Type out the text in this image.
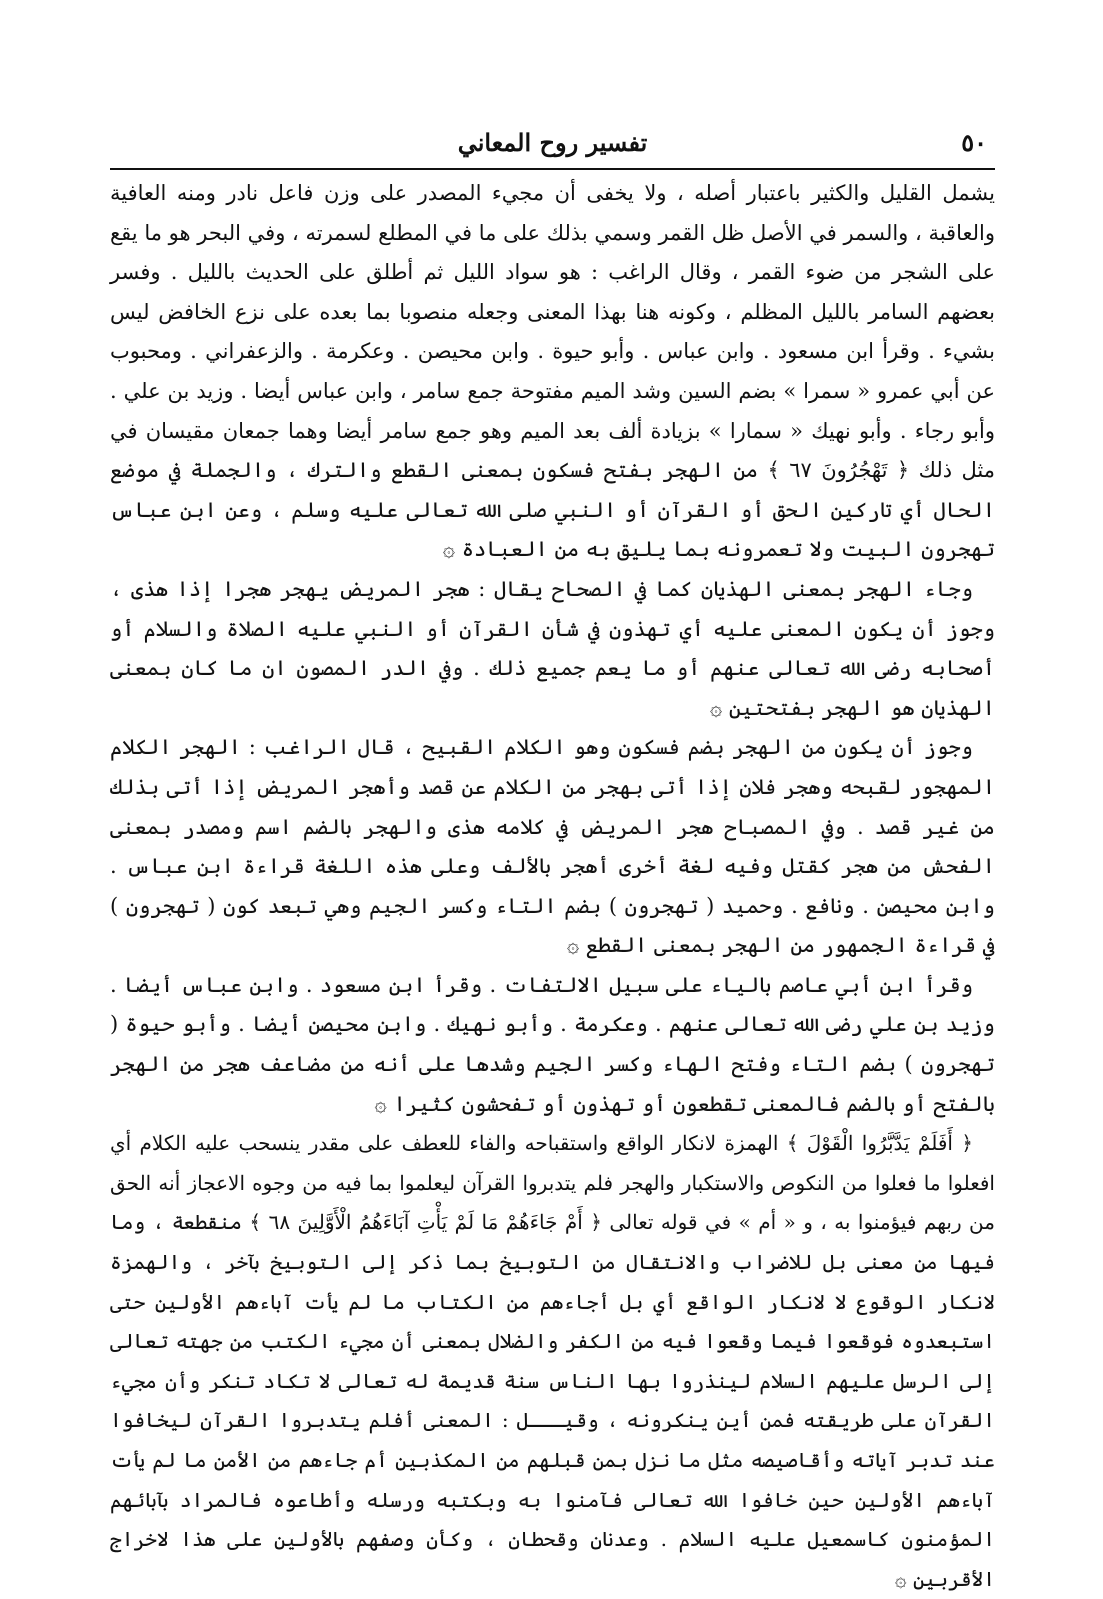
٥٠
تفسير روح المعاني

يشمل القليل والكثير باعتبار أصله ، ولا يخفى أن مجيء المصدر على وزن فاعل نادر ومنه العافية والعاقبة ، والسمر في الأصل ظل القمر وسمي بذلك على ما في المطلع لسمرته ، وفي البحر هو ما يقع على الشجر من ضوء القمر ، وقال الراغب : هو سواد الليل ثم أطلق على الحديث بالليل . وفسر بعضهم السامر بالليل المظلم ، وكونه هنا بهذا المعنى وجعله منصوبا بما بعده على نزع الخافض ليس بشيء . وقرأ ابن مسعود . وابن عباس . وأبو حيوة . وابن محيصن . وعكرمة . والزعفراني . ومحبوب عن أبي عمرو « سمرا » بضم السين وشد الميم مفتوحة جمع سامر ، وابن عباس أيضا . وزيد بن علي . وأبو رجاء . وأبو نهيك « سمارا » بزيادة ألف بعد الميم وهو جمع سامر أيضا وهما جمعان مقيسان في مثل ذلك ﴿ تَهْجُرُونَ ٦٧ ﴾ من الهجر بفتح فسكون بمعنى القطع والترك ، والجملة في موضع الحال أي تاركين الحق أو القرآن أو النبي صلى الله تعالى عليه وسلم ، وعن ابن عباس تهجرون البيت ولا تعمرونه بما يليق به من العبادة ۞

وجاء الهجر بمعنى الهذيان كما في الصحاح يقال : هجر المريض يهجر هجرا إذا هذى ، وجوز أن يكون المعنى عليه أي تهذون في شأن القرآن أو النبي عليه الصلاة والسلام أو أصحابه رضى الله تعالى عنهم أو ما يعم جميع ذلك . وفي الدر المصون ان ما كان بمعنى الهذيان هو الهجر بفتحتين ۞

وجوز أن يكون من الهجر بضم فسكون وهو الكلام القبيح ، قال الراغب : الهجر الكلام المهجور لقبحه وهجر فلان إذا أتى بهجر من الكلام عن قصد وأهجر المريض إذا أتى بذلك من غير قصد . وفي المصباح هجر المريض في كلامه هذى والهجر بالضم اسم ومصدر بمعنى الفحش من هجر كقتل وفيه لغة أخرى أهجر بالألف وعلى هذه اللغة قراءة ابن عباس . وابن محيصن . ونافع . وحميد ( تهجرون ) بضم التاء وكسر الجيم وهي تبعد كون ( تهجرون ) في قراءة الجمهور من الهجر بمعنى القطع ۞

وقرأ ابن أبي عاصم بالياء على سبيل الالتفات . وقرأ ابن مسعود . وابن عباس أيضا . وزيد بن علي رضى الله تعالى عنهم . وعكرمة . وأبو نهيك . وابن محيصن أيضا . وأبو حيوة ( تهجرون ) بضم التاء وفتح الهاء وكسر الجيم وشدها على أنه من مضاعف هجر من الهجر بالفتح أو بالضم فالمعنى تقطعون أو تهذون أو تفحشون كثيرا ۞

﴿ أَفَلَمْ يَدَّبَّرُوا الْقَوْلَ ﴾ الهمزة لانكار الواقع واستقباحه والفاء للعطف على مقدر ينسحب عليه الكلام أي افعلوا ما فعلوا من النكوص والاستكبار والهجر فلم يتدبروا القرآن ليعلموا بما فيه من وجوه الاعجاز أنه الحق من ربهم فيؤمنوا به ، و « أم » في قوله تعالى ﴿ أَمْ جَاءَهُمْ مَا لَمْ يَأْتِ آبَاءَهُمُ الْأَوَّلِينَ ٦٨ ﴾ منقطعة ، وما فيها من معنى بل للاضراب والانتقال من التوبيخ بما ذكر إلى التوبيخ بآخر ، والهمزة لانكار الوقوع لا لانكار الواقع أي بل أجاءهم من الكتاب ما لم يأت آباءهم الأولين حتى استبعدوه فوقعوا فيما وقعوا فيه من الكفر والضلال بمعنى أن مجيء الكتب من جهته تعالى إلى الرسل عليهم السلام لينذروا بها الناس سنة قديمة له تعالى لا تكاد تنكر وأن مجيء القرآن على طريقته فمن أين ينكرونه ، وقيـــل : المعنى أفلم يتدبروا القرآن ليخافوا عند تدبر آياته وأقاصيصه مثل ما نزل بمن قبلهم من المكذبين أم جاءهم من الأمن ما لم يأت آباءهم الأولين حين خافوا الله تعالى فآمنوا به وبكتبه ورسله وأطاعوه فالمراد بآبائهم المؤمنون كاسمعيل عليه السلام . وعدنان وقحطان ، وكأن وصفهم بالأولين على هذا لاخراج الأقربين ۞
